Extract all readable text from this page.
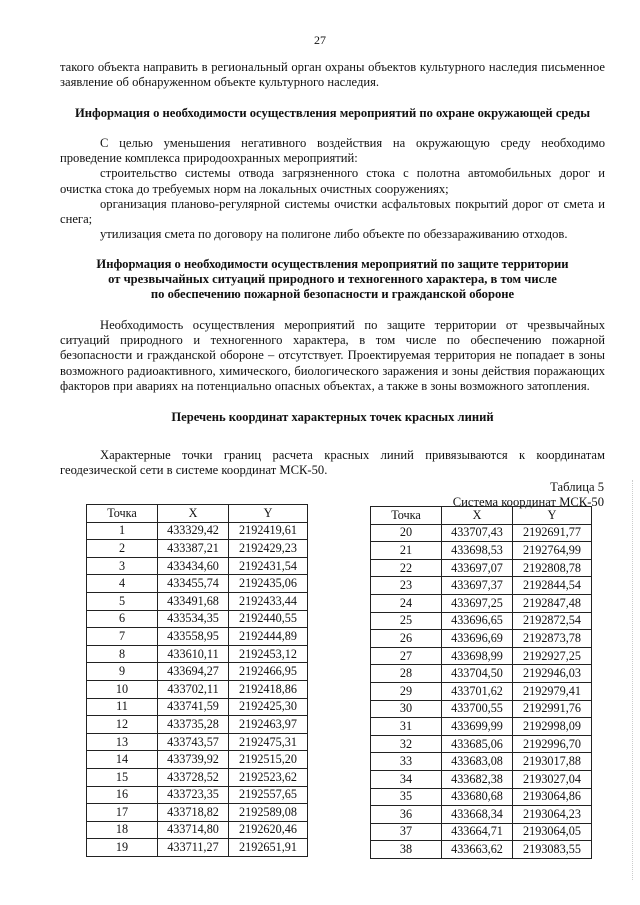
27

такого объекта направить в региональный орган охраны объектов культурного наследия письменное заявление об обнаруженном объекте культурного наследия.

Информация о необходимости осуществления мероприятий по охране окружающей среды

С целью уменьшения негативного воздействия на окружающую среду необходимо проведение комплекса природоохранных мероприятий:

строительство системы отвода загрязненного стока с полотна автомобильных дорог и очистка стока до требуемых норм на локальных очистных сооружениях;

организация планово-регулярной системы очистки асфальтовых покрытий дорог от смета и снега;

утилизация смета по договору на полигоне либо объекте по обеззараживанию отходов.

Информация о необходимости осуществления мероприятий по защите территории
от чрезвычайных ситуаций природного и техногенного характера, в том числе
по обеспечению пожарной безопасности и гражданской обороне

Необходимость осуществления мероприятий по защите территории от чрезвычайных ситуаций природного и техногенного характера, в том числе по обеспечению пожарной безопасности и гражданской обороне – отсутствует. Проектируемая территория не попадает в зоны возможного радиоактивного, химического, биологического заражения и зоны действия поражающих факторов при авариях на потенциально опасных объектах, а также в зоны возможного затопления.

Перечень координат характерных точек красных линий

Характерные точки границ расчета красных линий привязываются к координатам геодезической сети в системе координат МСК-50.

Таблица 5
Система координат МСК-50
Точка	X	Y
1	433329,42	2192419,61
2	433387,21	2192429,23
3	433434,60	2192431,54
4	433455,74	2192435,06
5	433491,68	2192433,44
6	433534,35	2192440,55
7	433558,95	2192444,89
8	433610,11	2192453,12
9	433694,27	2192466,95
10	433702,11	2192418,86
11	433741,59	2192425,30
12	433735,28	2192463,97
13	433743,57	2192475,31
14	433739,92	2192515,20
15	433728,52	2192523,62
16	433723,35	2192557,65
17	433718,82	2192589,08
18	433714,80	2192620,46
19	433711,27	2192651,91
Точка	X	Y
20	433707,43	2192691,77
21	433698,53	2192764,99
22	433697,07	2192808,78
23	433697,37	2192844,54
24	433697,25	2192847,48
25	433696,65	2192872,54
26	433696,69	2192873,78
27	433698,99	2192927,25
28	433704,50	2192946,03
29	433701,62	2192979,41
30	433700,55	2192991,76
31	433699,99	2192998,09
32	433685,06	2192996,70
33	433683,08	2193017,88
34	433682,38	2193027,04
35	433680,68	2193064,86
36	433668,34	2193064,23
37	433664,71	2193064,05
38	433663,62	2193083,55
